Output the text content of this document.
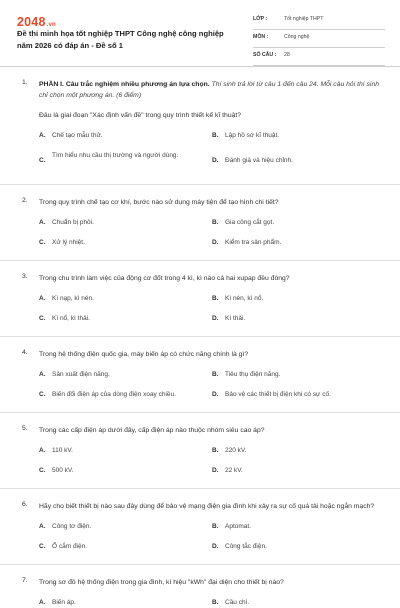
2048.vn
Đề thi minh họa tốt nghiệp THPT Công nghệ công nghiệp năm 2026 có đáp án - Đề số 1
LỚP :	Tốt nghiệp THPT
MÔN :	Công nghệ
SỐ CÂU : 28
1. PHẦN I. Câu trắc nghiệm nhiều phương án lựa chọn. Thí sinh trả lời từ câu 1 đến câu 24. Mỗi câu hỏi thí sinh chỉ chọn một phương án. (6 điểm)
Đâu là giai đoạn "Xác định vấn đề" trong quy trình thiết kế kĩ thuật?
A. Chế tạo mẫu thử.	B. Lập hồ sơ kĩ thuật.
C.
Tìm hiểu nhu cầu thị trường và người dùng.
D. Đánh giá và hiệu chỉnh.
2. Trong quy trình chế tạo cơ khí, bước nào sử dụng máy tiện để tạo hình chi tiết?
A. Chuẩn bị phôi.	B. Gia công cắt gọt.
C. Xử lý nhiệt.	D. Kiểm tra sản phẩm.
3. Trong chu trình làm việc của động cơ đốt trong 4 kì, kì nào cả hai xupap đều đóng?
A. Kì nạp, kì nén.	B. Kì nén, kì nổ.
C. Kì nổ, kì thải.	D. Kì thải.
4. Trong hệ thống điện quốc gia, máy biến áp có chức năng chính là gì?
A. Sản xuất điện năng.	B. Tiêu thụ điện năng.
C. Biến đổi điện áp của dòng điện xoay chiều.	D. Bảo vệ các thiết bị điện khi có sự cố.
5. Trong các cấp điện áp dưới đây, cấp điện áp nào thuộc nhóm siêu cao áp?
A. 110 kV.	B. 220 kV.
C. 500 kV.	D. 22 kV.
6. Hãy cho biết thiết bị nào sau đây dùng để bảo vệ mạng điện gia đình khi xảy ra sự cố quá tải hoặc ngắn mạch?
A. Công tơ điện.	B. Aptomat.
C. Ổ cắm điện.	D. Công tắc điện.
7. Trong sơ đồ hệ thống điện trong gia đình, kí hiệu "kWh" đại diện cho thiết bị nào?
A. Biến áp.	B. Cầu chì.
